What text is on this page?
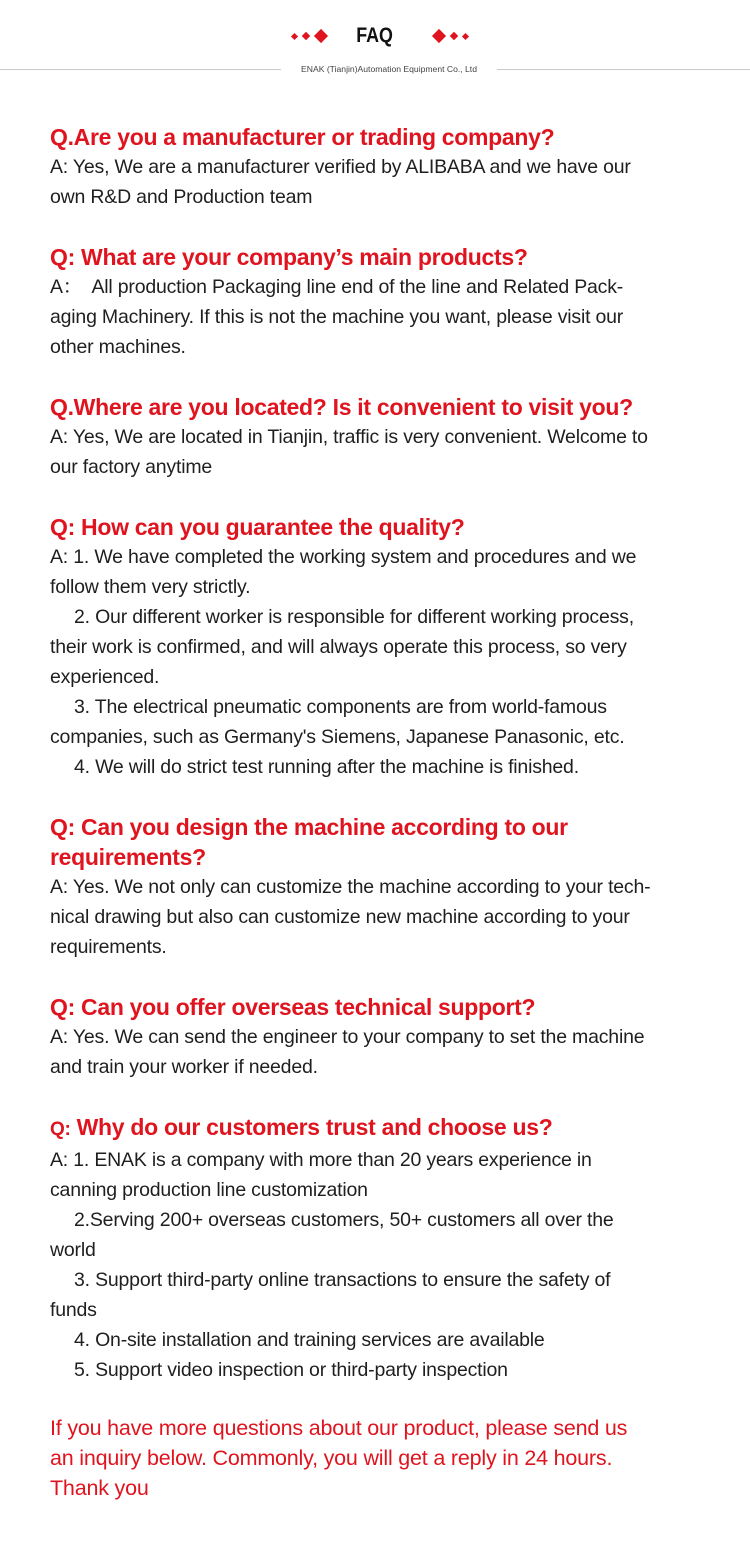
FAQ
ENAK (Tianjin)Automation Equipment Co., Ltd

Q.Are you a manufacturer or trading company?

A: Yes, We are a manufacturer verified by ALIBABA and we have our

own R&D and Production team

Q: What are your company’s main products?

A：  All production Packaging line end of the line and Related Pack-

aging Machinery. If this is not the machine you want, please visit our

other machines.

Q.Where are you located? Is it convenient to visit you?

A: Yes, We are located in Tianjin, traffic is very convenient. Welcome to

our factory anytime

Q: How can you guarantee the quality?

A: 1. We have completed the working system and procedures and we

follow them very strictly.

2. Our different worker is responsible for different working process,

their work is confirmed, and will always operate this process, so very

experienced.

3. The electrical pneumatic components are from world-famous

companies, such as Germany's Siemens, Japanese Panasonic, etc.

4. We will do strict test running after the machine is finished.

Q: Can you design the machine according to our

requirements?

A: Yes. We not only can customize the machine according to your tech-

nical drawing but also can customize new machine according to your

requirements.

Q: Can you offer overseas technical support?

A: Yes. We can send the engineer to your company to set the machine

and train your worker if needed.

Q: Why do our customers trust and choose us?

A: 1. ENAK is a company with more than 20 years experience in

canning production line customization

2.Serving 200+ overseas customers, 50+ customers all over the

world

3. Support third-party online transactions to ensure the safety of

funds

4. On-site installation and training services are available

5. Support video inspection or third-party inspection

If you have more questions about our product, please send us
an inquiry below. Commonly, you will get a reply in 24 hours.
Thank you
